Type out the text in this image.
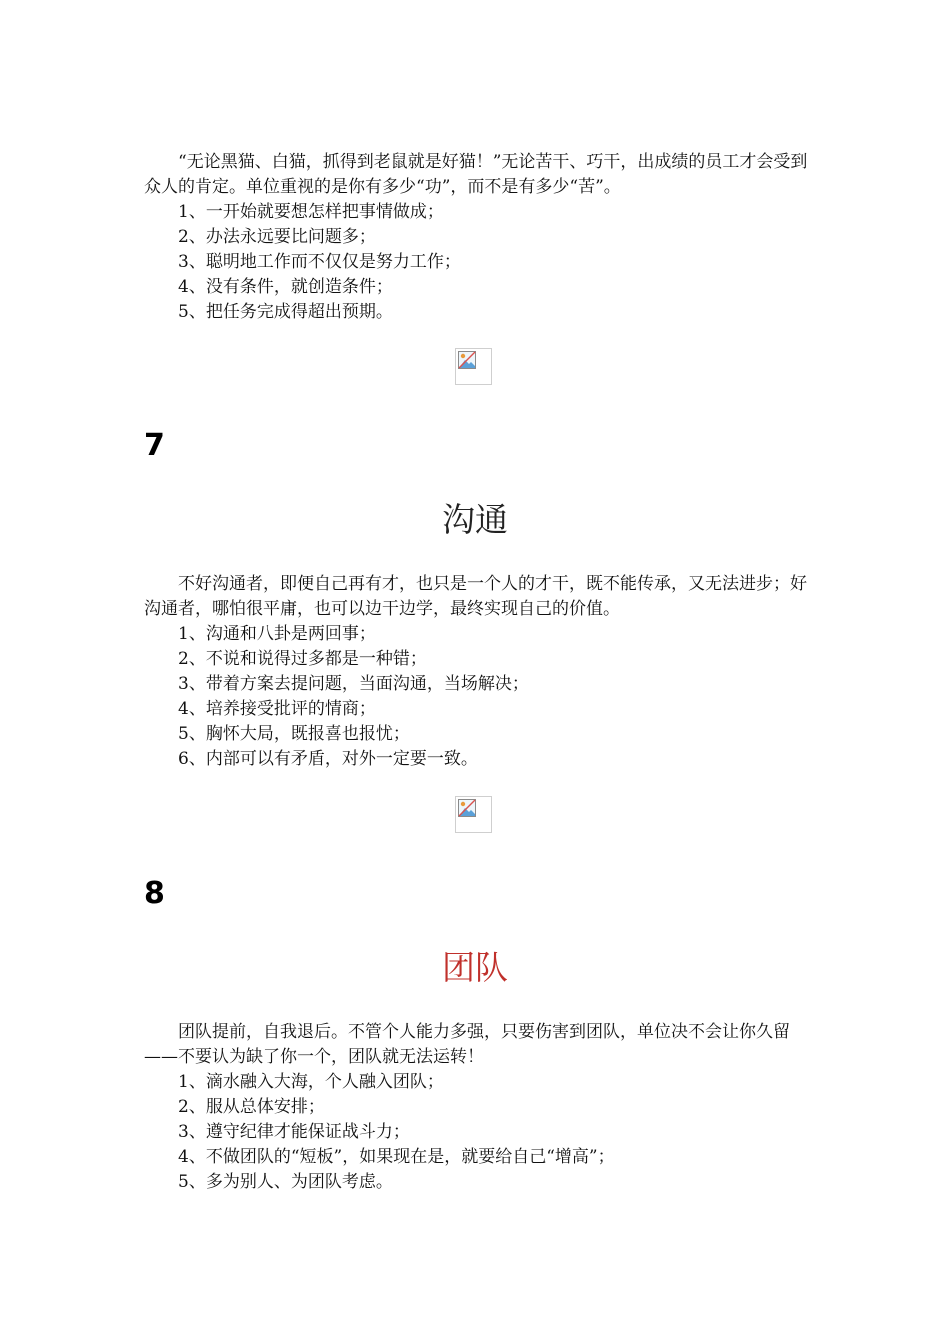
“无论黑猫、白猫，抓得到老鼠就是好猫！”无论苦干、巧干，出成绩的员工才会受到众人的肯定。单位重视的是你有多少“功”，而不是有多少“苦”。

1、一开始就要想怎样把事情做成；

2、办法永远要比问题多；

3、聪明地工作而不仅仅是努力工作；

4、没有条件，就创造条件；

5、把任务完成得超出预期。

7
沟通

不好沟通者，即便自己再有才，也只是一个人的才干，既不能传承，又无法进步；好沟通者，哪怕很平庸，也可以边干边学，最终实现自己的价值。

1、沟通和八卦是两回事；

2、不说和说得过多都是一种错；

3、带着方案去提问题，当面沟通，当场解决；

4、培养接受批评的情商；

5、胸怀大局，既报喜也报忧；

6、内部可以有矛盾，对外一定要一致。

8
团队

团队提前，自我退后。不管个人能力多强，只要伤害到团队，单位决不会让你久留——不要认为缺了你一个，团队就无法运转！

1、滴水融入大海，个人融入团队；

2、服从总体安排；

3、遵守纪律才能保证战斗力；

4、不做团队的“短板”，如果现在是，就要给自己“增高”；

5、多为别人、为团队考虑。
